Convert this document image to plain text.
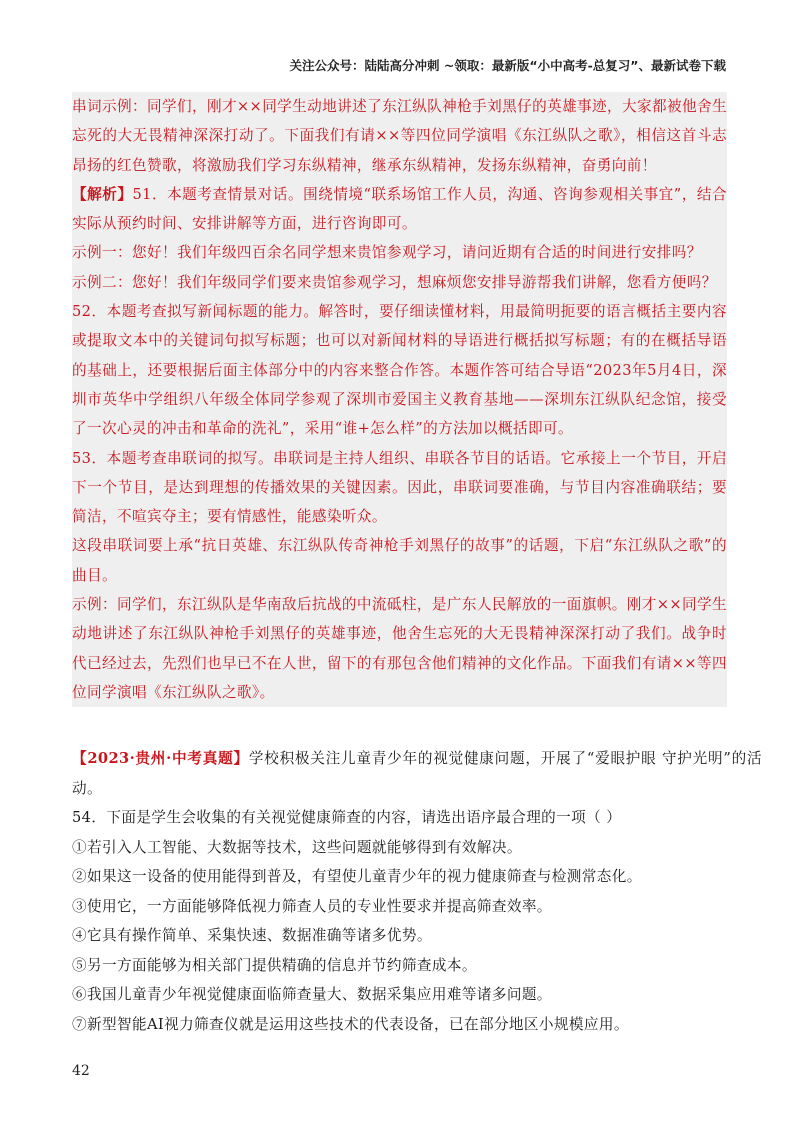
关注公众号：陆陆高分冲刺 ~领取：最新版“小中高考-总复习”、最新试卷下载

串词示例：同学们，刚才××同学生动地讲述了东江纵队神枪手刘黑仔的英雄事迹，大家都被他舍生忘死的大无畏精神深深打动了。下面我们有请××等四位同学演唱《东江纵队之歌》，相信这首斗志昂扬的红色赞歌，将激励我们学习东纵精神，继承东纵精神，发扬东纵精神，奋勇向前！

【解析】51．本题考查情景对话。围绕情境“联系场馆工作人员，沟通、咨询参观相关事宜”，结合实际从预约时间、安排讲解等方面，进行咨询即可。

示例一：您好！我们年级四百余名同学想来贵馆参观学习，请问近期有合适的时间进行安排吗？

示例二：您好！我们年级同学们要来贵馆参观学习，想麻烦您安排导游帮我们讲解，您看方便吗？

52．本题考查拟写新闻标题的能力。解答时，要仔细读懂材料，用最简明扼要的语言概括主要内容或提取文本中的关键词句拟写标题；也可以对新闻材料的导语进行概括拟写标题；有的在概括导语的基础上，还要根据后面主体部分中的内容来整合作答。本题作答可结合导语“2023年5月4日，深圳市英华中学组织八年级全体同学参观了深圳市爱国主义教育基地——深圳东江纵队纪念馆，接受了一次心灵的冲击和革命的洗礼”，采用“谁+怎么样”的方法加以概括即可。

53．本题考查串联词的拟写。串联词是主持人组织、串联各节目的话语。它承接上一个节目，开启下一个节目，是达到理想的传播效果的关键因素。因此，串联词要准确，与节目内容准确联结；要简洁，不喧宾夺主；要有情感性，能感染听众。

这段串联词要上承“抗日英雄、东江纵队传奇神枪手刘黑仔的故事”的话题，下启“东江纵队之歌”的曲目。

示例：同学们，东江纵队是华南敌后抗战的中流砥柱，是广东人民解放的一面旗帜。刚才××同学生动地讲述了东江纵队神枪手刘黑仔的英雄事迹，他舍生忘死的大无畏精神深深打动了我们。战争时代已经过去，先烈们也早已不在人世，留下的有那包含他们精神的文化作品。下面我们有请××等四位同学演唱《东江纵队之歌》。

【2023·贵州·中考真题】学校积极关注儿童青少年的视觉健康问题，开展了“爱眼护眼 守护光明”的活动。

54．下面是学生会收集的有关视觉健康筛查的内容，请选出语序最合理的一项（ ）

①若引入人工智能、大数据等技术，这些问题就能够得到有效解决。

②如果这一设备的使用能得到普及，有望使儿童青少年的视力健康筛查与检测常态化。

③使用它，一方面能够降低视力筛查人员的专业性要求并提高筛查效率。

④它具有操作简单、采集快速、数据准确等诸多优势。

⑤另一方面能够为相关部门提供精确的信息并节约筛查成本。

⑥我国儿童青少年视觉健康面临筛查量大、数据采集应用难等诸多问题。

⑦新型智能AI视力筛查仪就是运用这些技术的代表设备，已在部分地区小规模应用。

42
